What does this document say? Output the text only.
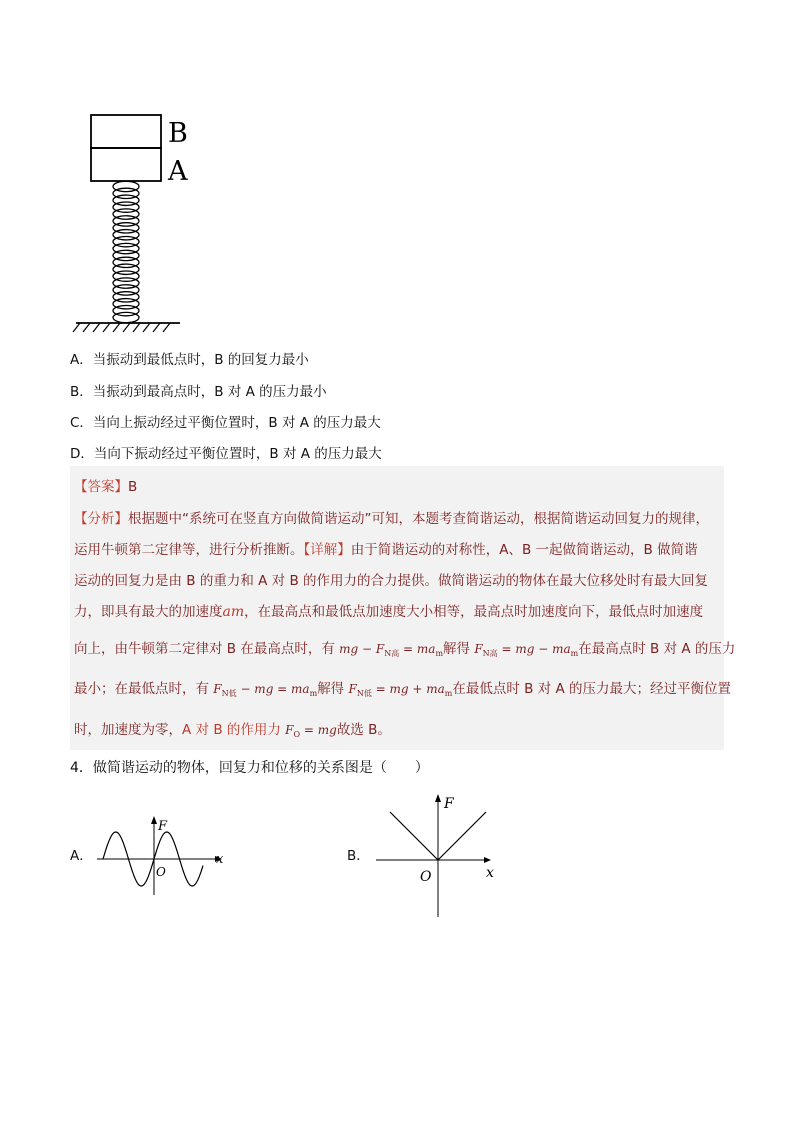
B
A
A．当振动到最低点时，B 的回复力最小
B．当振动到最高点时，B 对 A 的压力最小
C．当向上振动经过平衡位置时，B 对 A 的压力最大
D．当向下振动经过平衡位置时，B 对 A 的压力最大
【答案】B
【分析】根据题中“系统可在竖直方向做简谐运动”可知，本题考查简谐运动，根据简谐运动回复力的规律，
运用牛顿第二定律等，进行分析推断。【详解】由于简谐运动的对称性，A、B 一起做简谐运动，B 做简谐
运动的回复力是由 B 的重力和 A 对 B 的作用力的合力提供。做简谐运动的物体在最大位移处时有最大回复
力，即具有最大的加速度am，在最高点和最低点加速度大小相等，最高点时加速度向下，最低点时加速度
向上，由牛顿第二定律对 B 在最高点时，有 mg − $F_{N高} = ma_m$解得 $F_{N高}$ = mg − $ma_m$在最高点时 B 对 A 的压力
最小；在最低点时，有 $F_{N低}$ − mg = $ma_m$解得 $F_{N低}$ = mg + $ma_m$在最低点时 B 对 A 的压力最大；经过平衡位置
时，加速度为零，A 对 B 的作用力 $F_O$ = mg故选 B。
4．做简谐运动的物体，回复力和位移的关系图是（　　）
A．
F
x
O
B．
F
x
O
